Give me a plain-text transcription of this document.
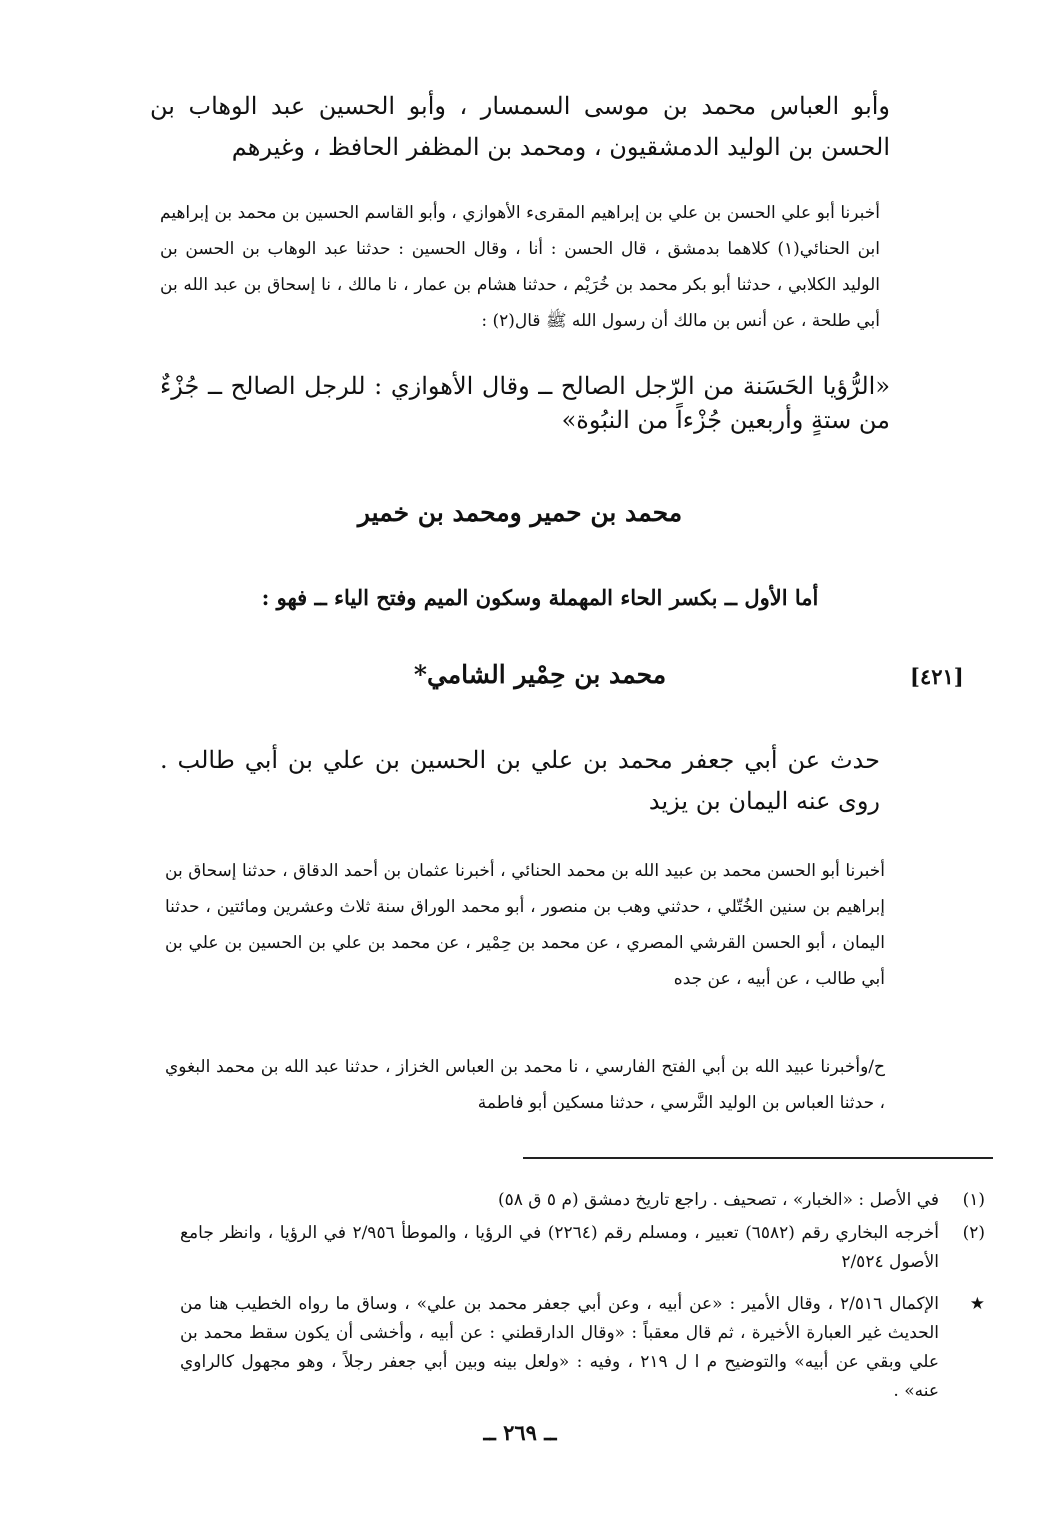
وأبو العباس محمد بن موسى السمسار ، وأبو الحسين عبد الوهاب بن الحسن بن الوليد الدمشقيون ، ومحمد بن المظفر الحافظ ، وغيرهم

أخبرنا أبو علي الحسن بن علي بن إبراهيم المقرىء الأهوازي ، وأبو القاسم الحسين بن محمد بن إبراهيم ابن الحنائي(١) كلاهما بدمشق ، قال الحسن : أنا ، وقال الحسين : حدثنا عبد الوهاب بن الحسن بن الوليد الكلابي ، حدثنا أبو بكر محمد بن خُرَيْم ، حدثنا هشام بن عمار ، نا مالك ، نا إسحاق بن عبد الله بن أبي طلحة ، عن أنس بن مالك أن رسول الله ﷺ قال(٢) :

«الرُّؤيا الحَسَنة من الرّجل الصالح ــ وقال الأهوازي : للرجل الصالح ــ جُزْءٌ من ستةٍ وأربعين جُزْءاً من النبُوة»

محمد بن حمير ومحمد بن خمير

أما الأول ــ بكسر الحاء المهملة وسكون الميم وفتح الياء ــ فهو :

[٤٢١]

محمد بن حِمْير الشامي*

حدث عن أبي جعفر محمد بن علي بن الحسين بن علي بن أبي طالب . روى عنه اليمان بن يزيد

أخبرنا أبو الحسن محمد بن عبيد الله بن محمد الحنائي ، أخبرنا عثمان بن أحمد الدقاق ، حدثنا إسحاق بن إبراهيم بن سنين الخُتّلي ، حدثني وهب بن منصور ، أبو محمد الوراق سنة ثلاث وعشرين ومائتين ، حدثنا اليمان ، أبو الحسن القرشي المصري ، عن محمد بن حِمْير ، عن محمد بن علي بن الحسين بن علي بن أبي طالب ، عن أبيه ، عن جده

ح/وأخبرنا عبيد الله بن أبي الفتح الفارسي ، نا محمد بن العباس الخزاز ، حدثنا عبد الله بن محمد البغوي ، حدثنا العباس بن الوليد النَّرسي ، حدثنا مسكين أبو فاطمة

(١)
في الأصل : «الخبار» ، تصحيف . راجع تاريخ دمشق (م ٥ ق ٥٨)
(٢)
أخرجه البخاري رقم (٦٥٨٢) تعبير ، ومسلم رقم (٢٢٦٤) في الرؤيا ، والموطأ ٢/٩٥٦ في الرؤيا ، وانظر جامع الأصول ٢/٥٢٤
★
الإكمال ٢/٥١٦ ، وقال الأمير : «عن أبيه ، وعن أبي جعفر محمد بن علي» ، وساق ما رواه الخطيب هنا من الحديث غير العبارة الأخيرة ، ثم قال معقباً : «وقال الدارقطني : عن أبيه ، وأخشى أن يكون سقط محمد بن علي وبقي عن أبيه» والتوضيح م ا ل ٢١٩ ، وفيه : «ولعل بينه وبين أبي جعفر رجلاً ، وهو مجهول كالراوي عنه» .
ــ ٢٦٩ ــ
